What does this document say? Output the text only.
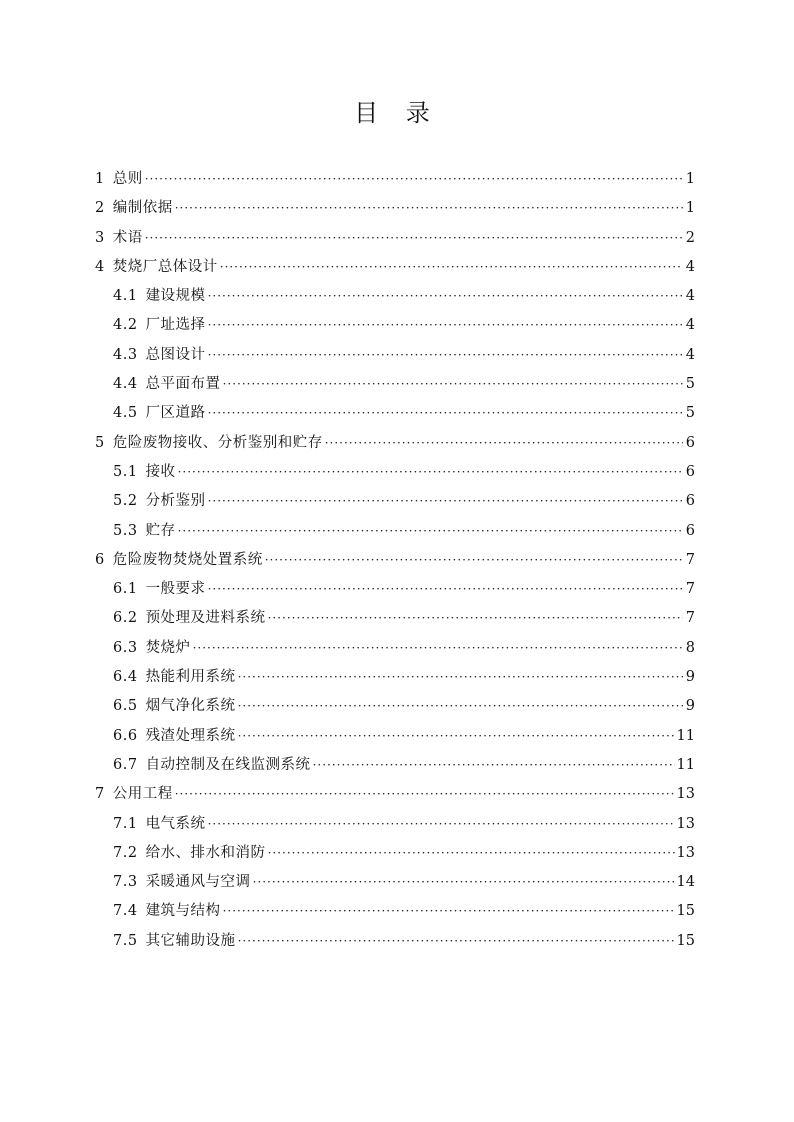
目 录
1 总则 ·····	1
2 编制依据 ·····	1
3 术语 ·····	2
4 焚烧厂总体设计 ·····	4
4.1 建设规模 ·····	4
4.2 厂址选择 ·····	4
4.3 总图设计 ·····	4
4.4 总平面布置 ·····	5
4.5 厂区道路 ·····	5
5 危险废物接收、分析鉴别和贮存 ·····	6
5.1 接收 ·····	6
5.2 分析鉴别 ·····	6
5.3 贮存 ·····	6
6 危险废物焚烧处置系统 ·····	7
6.1 一般要求 ·····	7
6.2 预处理及进料系统 ·····	7
6.3 焚烧炉 ·····	8
6.4 热能利用系统 ·····	9
6.5 烟气净化系统 ·····	9
6.6 残渣处理系统 ·····	11
6.7 自动控制及在线监测系统 ·····	11
7 公用工程 ·····	13
7.1 电气系统 ·····	13
7.2 给水、排水和消防 ·····	13
7.3 采暖通风与空调 ·····	14
7.4 建筑与结构 ·····	15
7.5 其它辅助设施 ·····	15
